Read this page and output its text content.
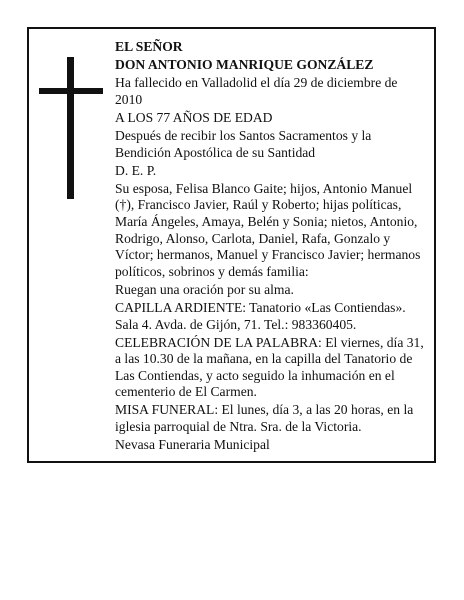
EL SEÑOR

DON ANTONIO MANRIQUE GONZÁLEZ

Ha fallecido en Valladolid el día 29 de diciembre de 2010

A LOS 77 AÑOS DE EDAD

Después de recibir los Santos Sacramentos y la Bendición Apostólica de su Santidad

D. E. P.

Su esposa, Felisa Blanco Gaite; hijos, Antonio Manuel (†), Francisco Javier, Raúl y Roberto; hijas políticas, María Ángeles, Amaya, Belén y Sonia; nietos, Antonio, Rodrigo, Alonso, Carlota, Daniel, Rafa, Gonzalo y Víctor; hermanos, Manuel y Francisco Javier; hermanos políticos, sobrinos y demás familia:

Ruegan una oración por su alma.

CAPILLA ARDIENTE: Tanatorio «Las Contiendas». Sala 4. Avda. de Gijón, 71. Tel.: 983360405.

CELEBRACIÓN DE LA PALABRA: El viernes, día 31, a las 10.30 de la mañana, en la capilla del Tanatorio de Las Contiendas, y acto seguido la inhumación en el cementerio de El Carmen.

MISA FUNERAL: El lunes, día 3, a las 20 horas, en la iglesia parroquial de Ntra. Sra. de la Victoria.

Nevasa Funeraria Municipal
